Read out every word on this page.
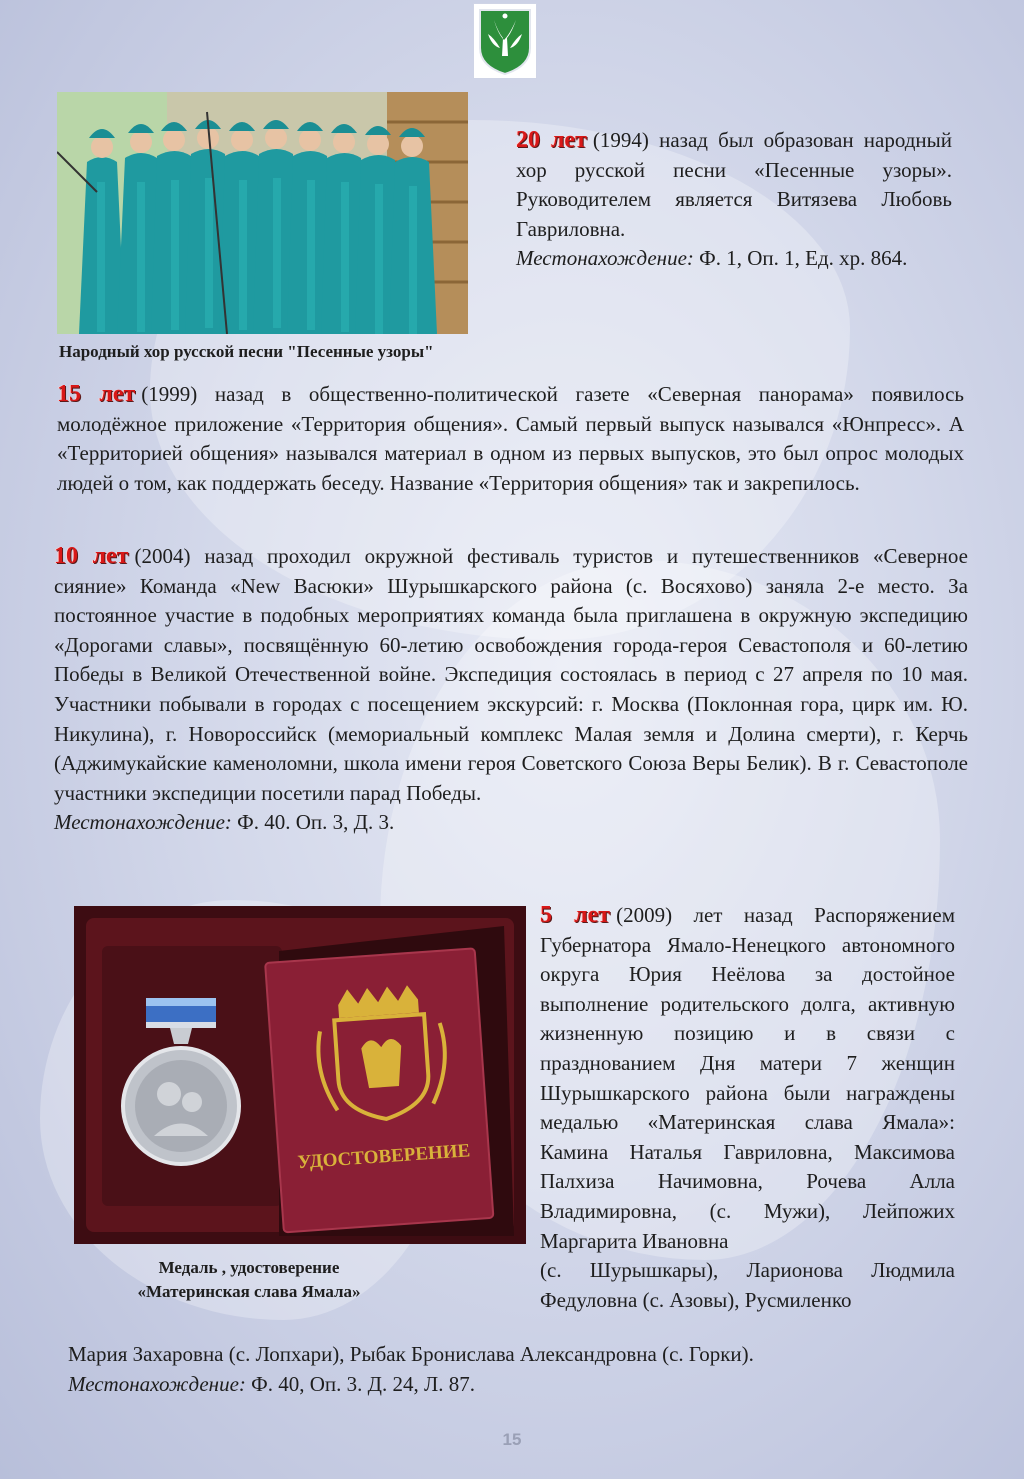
Народный хор русской песни "Песенные узоры"
20 лет (1994) назад был образован народный хор русской песни «Песенные узоры». Руководителем является Витязева Любовь Гавриловна.
Местонахождение: Ф. 1, Оп. 1, Ед. хр. 864.
15 лет (1999) назад в общественно-политической газете «Северная панорама» появилось молодёжное приложение «Территория общения». Самый первый выпуск назывался «Юнпресс». А «Территорией общения» назывался материал в одном из первых выпусков, это был опрос молодых людей о том, как поддержать беседу. Название «Территория общения» так и закрепилось.
10 лет (2004) назад проходил окружной фестиваль туристов и путешественников «Северное сияние» Команда «New Васюки» Шурышкарского района (с. Восяхово) заняла 2-е место. За постоянное участие в подобных мероприятиях команда была приглашена в окружную экспедицию «Дорогами славы», посвящённую 60-летию освобождения города-героя Севастополя и 60-летию Победы в Великой Отечественной войне. Экспедиция состоялась в период с 27 апреля по 10 мая. Участники побывали в городах с посещением экскурсий: г. Москва (Поклонная гора, цирк им. Ю. Никулина), г. Новороссийск (мемориальный комплекс Малая земля и Долина смерти), г. Керчь (Аджимукайские каменоломни, школа имени героя Советского Союза Веры Белик). В г. Севастополе участники экспедиции посетили парад Победы.
Местонахождение: Ф. 40. Оп. 3, Д. 3.
УДОСТОВЕРЕНИЕ
Медаль , удостоверение
«Материнская слава Ямала»
5 лет (2009) лет назад Распоряжением Губернатора Ямало-Ненецкого автономного округа Юрия Неёлова за достойное выполнение родительского долга, активную жизненную позицию и в связи с празднованием Дня матери 7 женщин Шурышкарского района были награждены медалью «Материнская слава Ямала»: Камина Наталья Гавриловна, Максимова Палхиза Начимовна, Рочева Алла Владимировна, (с. Мужи), Лейпожих Маргарита Ивановна
(с. Шурышкары), Ларионова Людмила Федуловна (с. Азовы), Русмиленко
Мария Захаровна (с. Лопхари), Рыбак Бронислава Александровна (с. Горки).
Местонахождение: Ф. 40, Оп. 3. Д. 24, Л. 87.
15
